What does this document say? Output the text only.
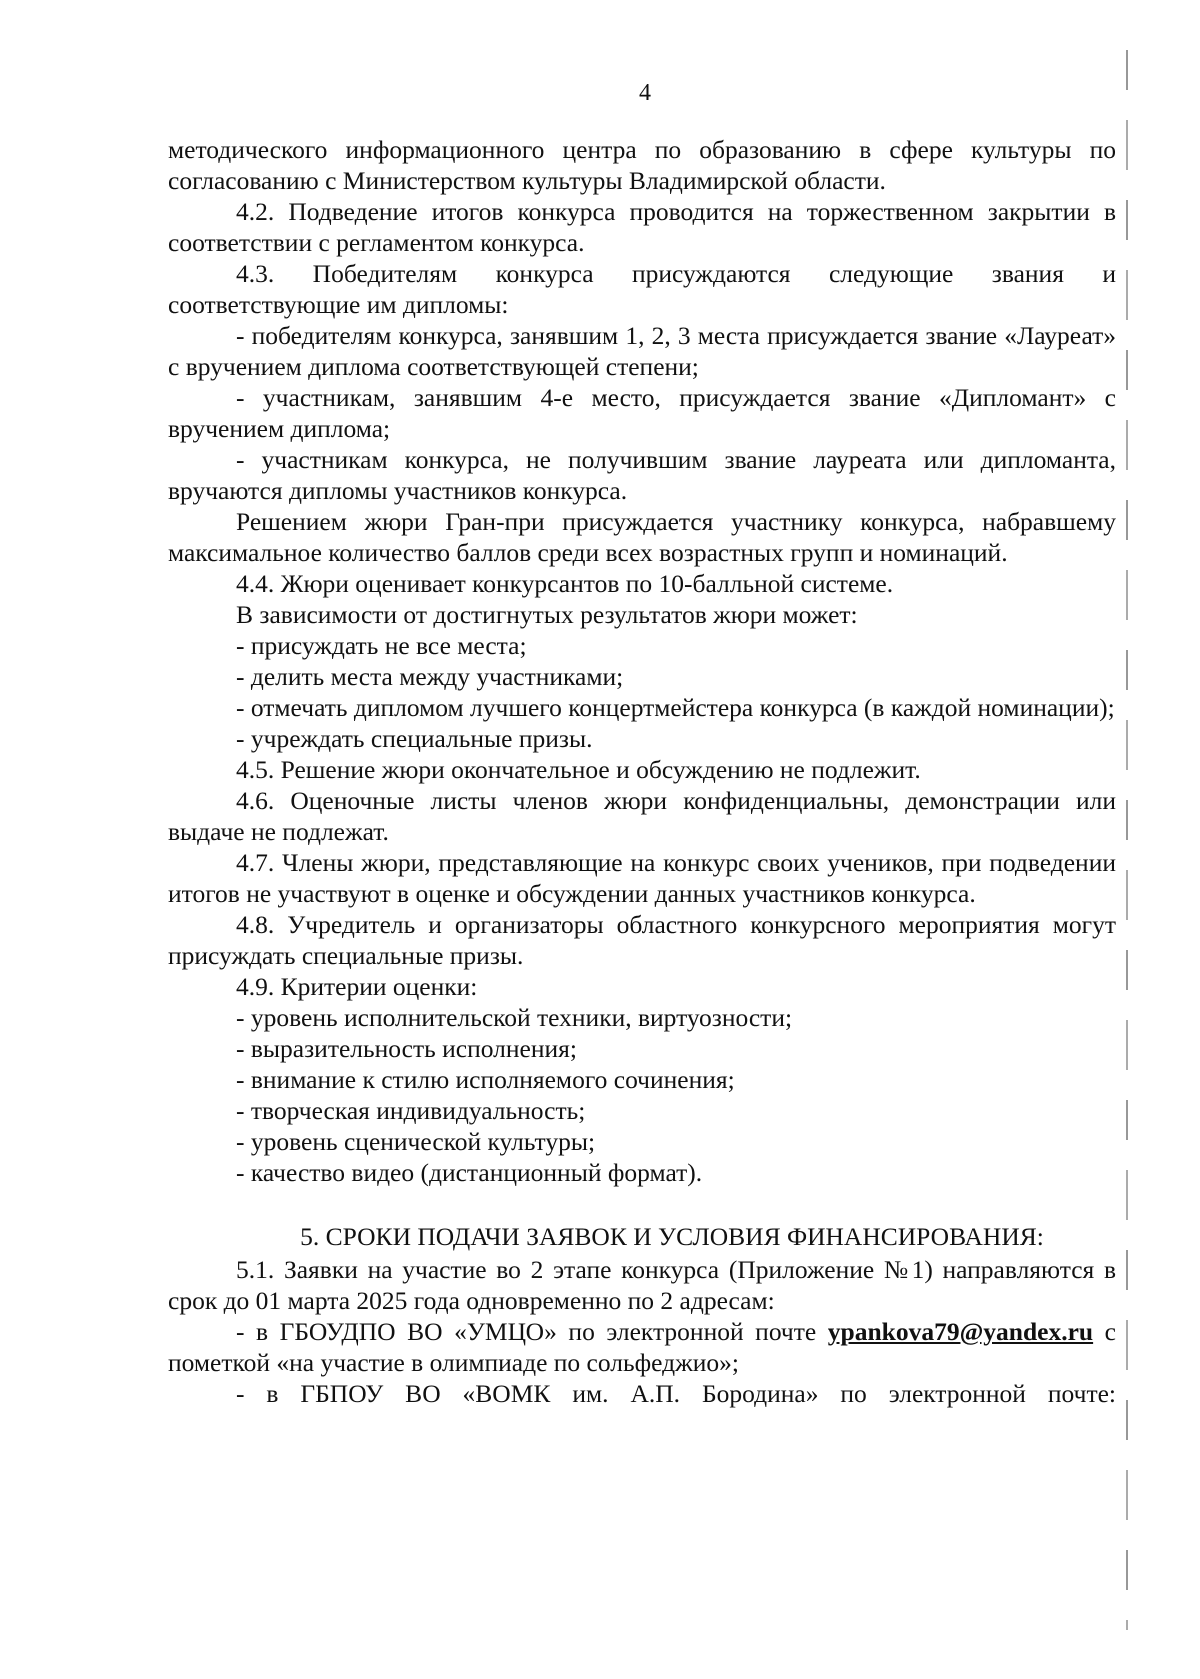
4

методического информационного центра по образованию в сфере культуры по согласованию с Министерством культуры Владимирской области.

4.2. Подведение итогов конкурса проводится на торжественном закрытии в соответствии с регламентом конкурса.

4.3. Победителям конкурса присуждаются следующие звания и соответствующие им дипломы:

- победителям конкурса, занявшим 1, 2, 3 места присуждается звание «Лауреат» с вручением диплома соответствующей степени;

- участникам, занявшим 4-е место, присуждается звание «Дипломант» с вручением диплома;

- участникам конкурса, не получившим звание лауреата или дипломанта, вручаются дипломы участников конкурса.

Решением жюри Гран-при присуждается участнику конкурса, набравшему максимальное количество баллов среди всех возрастных групп и номинаций.

4.4. Жюри оценивает конкурсантов по 10-балльной системе.

В зависимости от достигнутых результатов жюри может:

- присуждать не все места;

- делить места между участниками;

- отмечать дипломом лучшего концертмейстера конкурса (в каждой номинации);

- учреждать специальные призы.

4.5. Решение жюри окончательное и обсуждению не подлежит.

4.6. Оценочные листы членов жюри конфиденциальны, демонстрации или выдаче не подлежат.

4.7. Члены жюри, представляющие на конкурс своих учеников, при подведении итогов не участвуют в оценке и обсуждении данных участников конкурса.

4.8. Учредитель и организаторы областного конкурсного мероприятия могут присуждать специальные призы.

4.9. Критерии оценки:

- уровень исполнительской техники, виртуозности;

- выразительность исполнения;

- внимание к стилю исполняемого сочинения;

- творческая индивидуальность;

- уровень сценической культуры;

- качество видео (дистанционный формат).

5. СРОКИ ПОДАЧИ ЗАЯВОК И УСЛОВИЯ ФИНАНСИРОВАНИЯ:

5.1. Заявки на участие во 2 этапе конкурса (Приложение №1) направляются в срок до 01 марта 2025 года одновременно по 2 адресам:

- в ГБОУДПО ВО «УМЦО» по электронной почте ypankova79@yandex.ru с пометкой «на участие в олимпиаде по сольфеджио»;

- в ГБПОУ ВО «ВОМК им. А.П. Бородина» по электронной почте:
